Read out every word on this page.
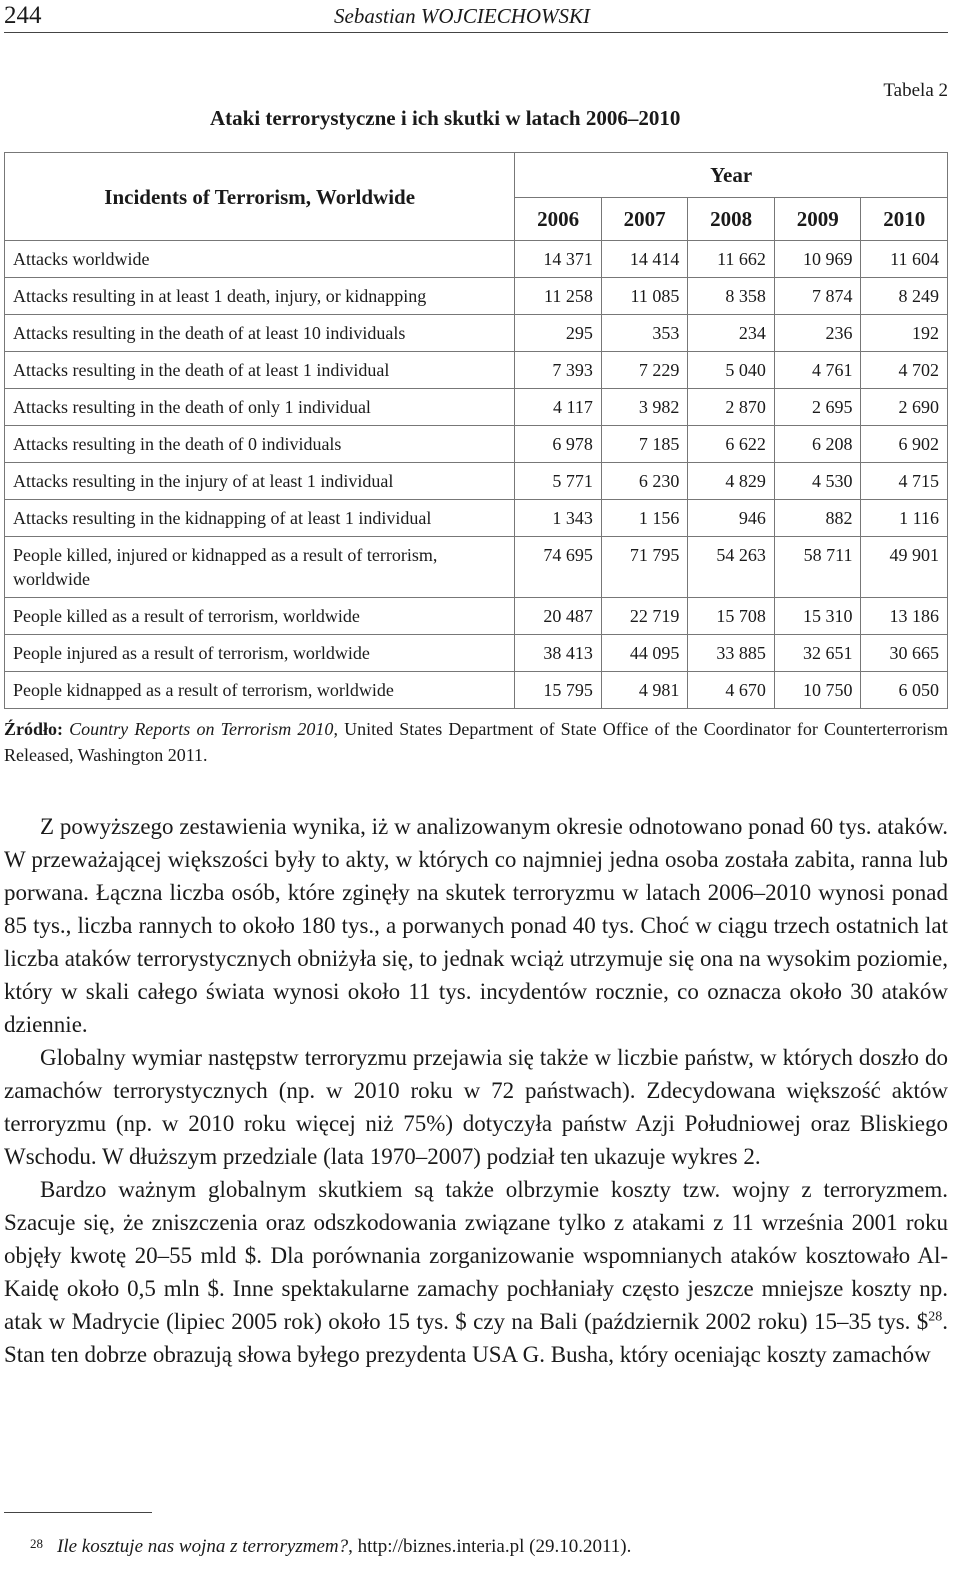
244	Sebastian WOJCIECHOWSKI
Tabela 2
Ataki terrorystyczne i ich skutki w latach 2006–2010
Incidents of Terrorism, Worldwide	Year				
	2006	2007	2008	2009	2010
Attacks worldwide	14 371	14 414	11 662	10 969	11 604
Attacks resulting in at least 1 death, injury, or kidnapping	11 258	11 085	8 358	7 874	8 249
Attacks resulting in the death of at least 10 individuals	295	353	234	236	192
Attacks resulting in the death of at least 1 individual	7 393	7 229	5 040	4 761	4 702
Attacks resulting in the death of only 1 individual	4 117	3 982	2 870	2 695	2 690
Attacks resulting in the death of 0 individuals	6 978	7 185	6 622	6 208	6 902
Attacks resulting in the injury of at least 1 individual	5 771	6 230	4 829	4 530	4 715
Attacks resulting in the kidnapping of at least 1 individual	1 343	1 156	946	882	1 116
People killed, injured or kidnapped as a result of terrorism, worldwide	74 695	71 795	54 263	58 711	49 901
People killed as a result of terrorism, worldwide	20 487	22 719	15 708	15 310	13 186
People injured as a result of terrorism, worldwide	38 413	44 095	33 885	32 651	30 665
People kidnapped as a result of terrorism, worldwide	15 795	4 981	4 670	10 750	6 050
Źródło: Country Reports on Terrorism 2010, United States Department of State Office of the Coordinator for Counterterrorism Released, Washington 2011.

Z powyższego zestawienia wynika, iż w analizowanym okresie odnotowano ponad 60 tys. ataków. W przeważającej większości były to akty, w których co najmniej jedna osoba została zabita, ranna lub porwana. Łączna liczba osób, które zginęły na skutek terroryzmu w latach 2006–2010 wynosi ponad 85 tys., liczba rannych to około 180 tys., a porwanych ponad 40 tys. Choć w ciągu trzech ostatnich lat liczba ataków terrorystycznych obniżyła się, to jednak wciąż utrzymuje się ona na wysokim poziomie, który w skali całego świata wynosi około 11 tys. incydentów rocznie, co oznacza około 30 ataków dziennie.

Globalny wymiar następstw terroryzmu przejawia się także w liczbie państw, w których doszło do zamachów terrorystycznych (np. w 2010 roku w 72 państwach). Zdecydowana większość aktów terroryzmu (np. w 2010 roku więcej niż 75%) dotyczyła państw Azji Południowej oraz Bliskiego Wschodu. W dłuższym przedziale (lata 1970–2007) podział ten ukazuje wykres 2.

Bardzo ważnym globalnym skutkiem są także olbrzymie koszty tzw. wojny z terroryzmem. Szacuje się, że zniszczenia oraz odszkodowania związane tylko z atakami z 11 września 2001 roku objęły kwotę 20–55 mld $. Dla porównania zorganizowanie wspomnianych ataków kosztowało Al-Kaidę około 0,5 mln $. Inne spektakularne zamachy pochłaniały często jeszcze mniejsze koszty np. atak w Madrycie (lipiec 2005 rok) około 15 tys. $ czy na Bali (październik 2002 roku) 15–35 tys. \$$^{28}$. Stan ten dobrze obrazują słowa byłego prezydenta USA G. Busha, który oceniając koszty zamachów

$^{28}$ Ile kosztuje nas wojna z terroryzmem?, http://biznes.interia.pl (29.10.2011).
